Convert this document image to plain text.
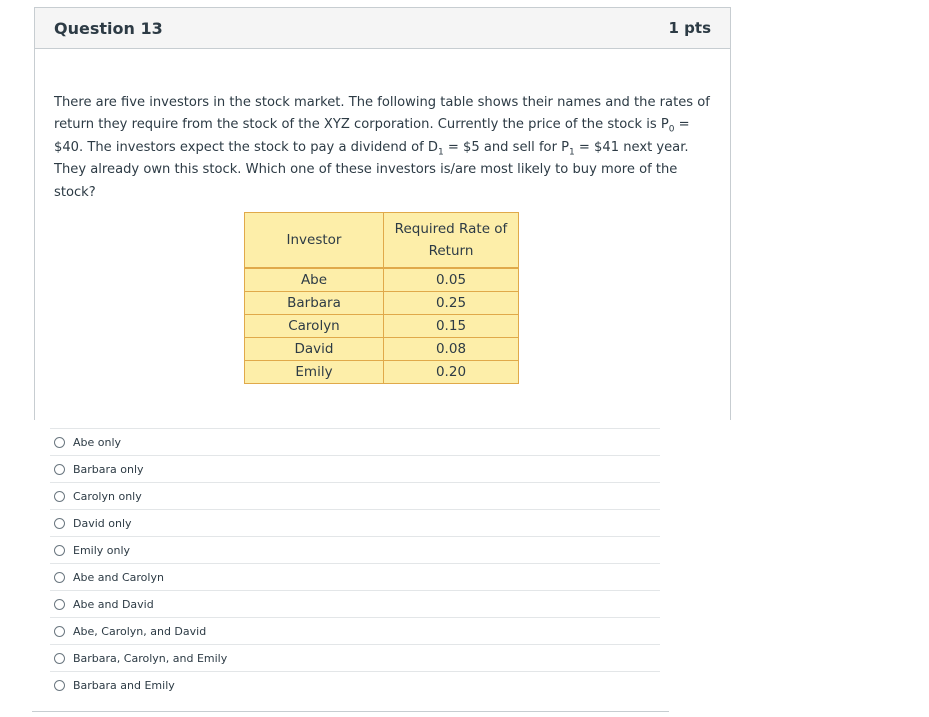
Question 13	1 pts

There are five investors in the stock market. The following table shows their names and the rates of return they require from the stock of the XYZ corporation. Currently the price of the stock is $P_0$ = $40. The investors expect the stock to pay a dividend of $D_1$ = $5 and sell for $P_1$ = $41 next year. They already own this stock. Which one of these investors is/are most likely to buy more of the stock?

Investor	Required Rate of
Return
Abe	0.05
Barbara	0.25
Carolyn	0.15
David	0.08
Emily	0.20
Abe only
Barbara only
Carolyn only
David only
Emily only
Abe and Carolyn
Abe and David
Abe, Carolyn, and David
Barbara, Carolyn, and Emily
Barbara and Emily
